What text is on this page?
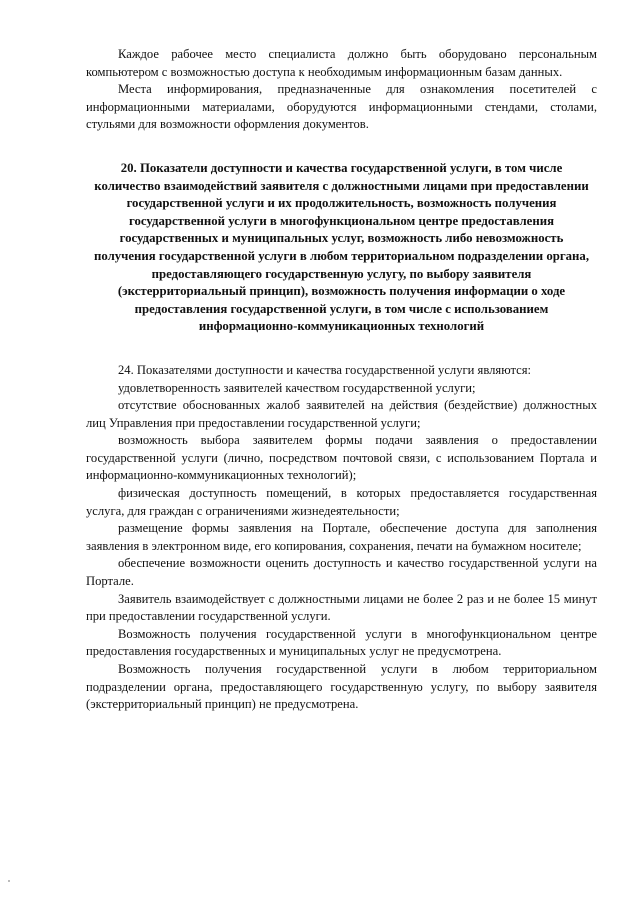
Каждое рабочее место специалиста должно быть оборудовано персональным компьютером с возможностью доступа к необходимым информационным базам данных.

Места информирования, предназначенные для ознакомления посетителей с информационными материалами, оборудуются информационными стендами, столами, стульями для возможности оформления документов.

20. Показатели доступности и качества государственной услуги, в том числе количество взаимодействий заявителя с должностными лицами при предоставлении государственной услуги и их продолжительность, возможность получения государственной услуги в многофункциональном центре предоставления государственных и муниципальных услуг, возможность либо невозможность получения государственной услуги в любом территориальном подразделении органа, предоставляющего государственную услугу, по выбору заявителя (экстерриториальный принцип), возможность получения информации о ходе предоставления государственной услуги, в том числе с использованием информационно-коммуникационных технологий

24. Показателями доступности и качества государственной услуги являются:

удовлетворенность заявителей качеством государственной услуги;

отсутствие обоснованных жалоб заявителей на действия (бездействие) должностных лиц Управления при предоставлении государственной услуги;

возможность выбора заявителем формы подачи заявления о предоставлении государственной услуги (лично, посредством почтовой связи, с использованием Портала и информационно-коммуникационных технологий);

физическая доступность помещений, в которых предоставляется государственная услуга, для граждан с ограничениями жизнедеятельности;

размещение формы заявления на Портале, обеспечение доступа для заполнения заявления в электронном виде, его копирования, сохранения, печати на бумажном носителе;

обеспечение возможности оценить доступность и качество государственной услуги на Портале.

Заявитель взаимодействует с должностными лицами не более 2 раз и не более 15 минут при предоставлении государственной услуги.

Возможность получения государственной услуги в многофункциональном центре предоставления государственных и муниципальных услуг не предусмотрена.

Возможность получения государственной услуги в любом территориальном подразделении органа, предоставляющего государственную услугу, по выбору заявителя (экстерриториальный принцип) не предусмотрена.
